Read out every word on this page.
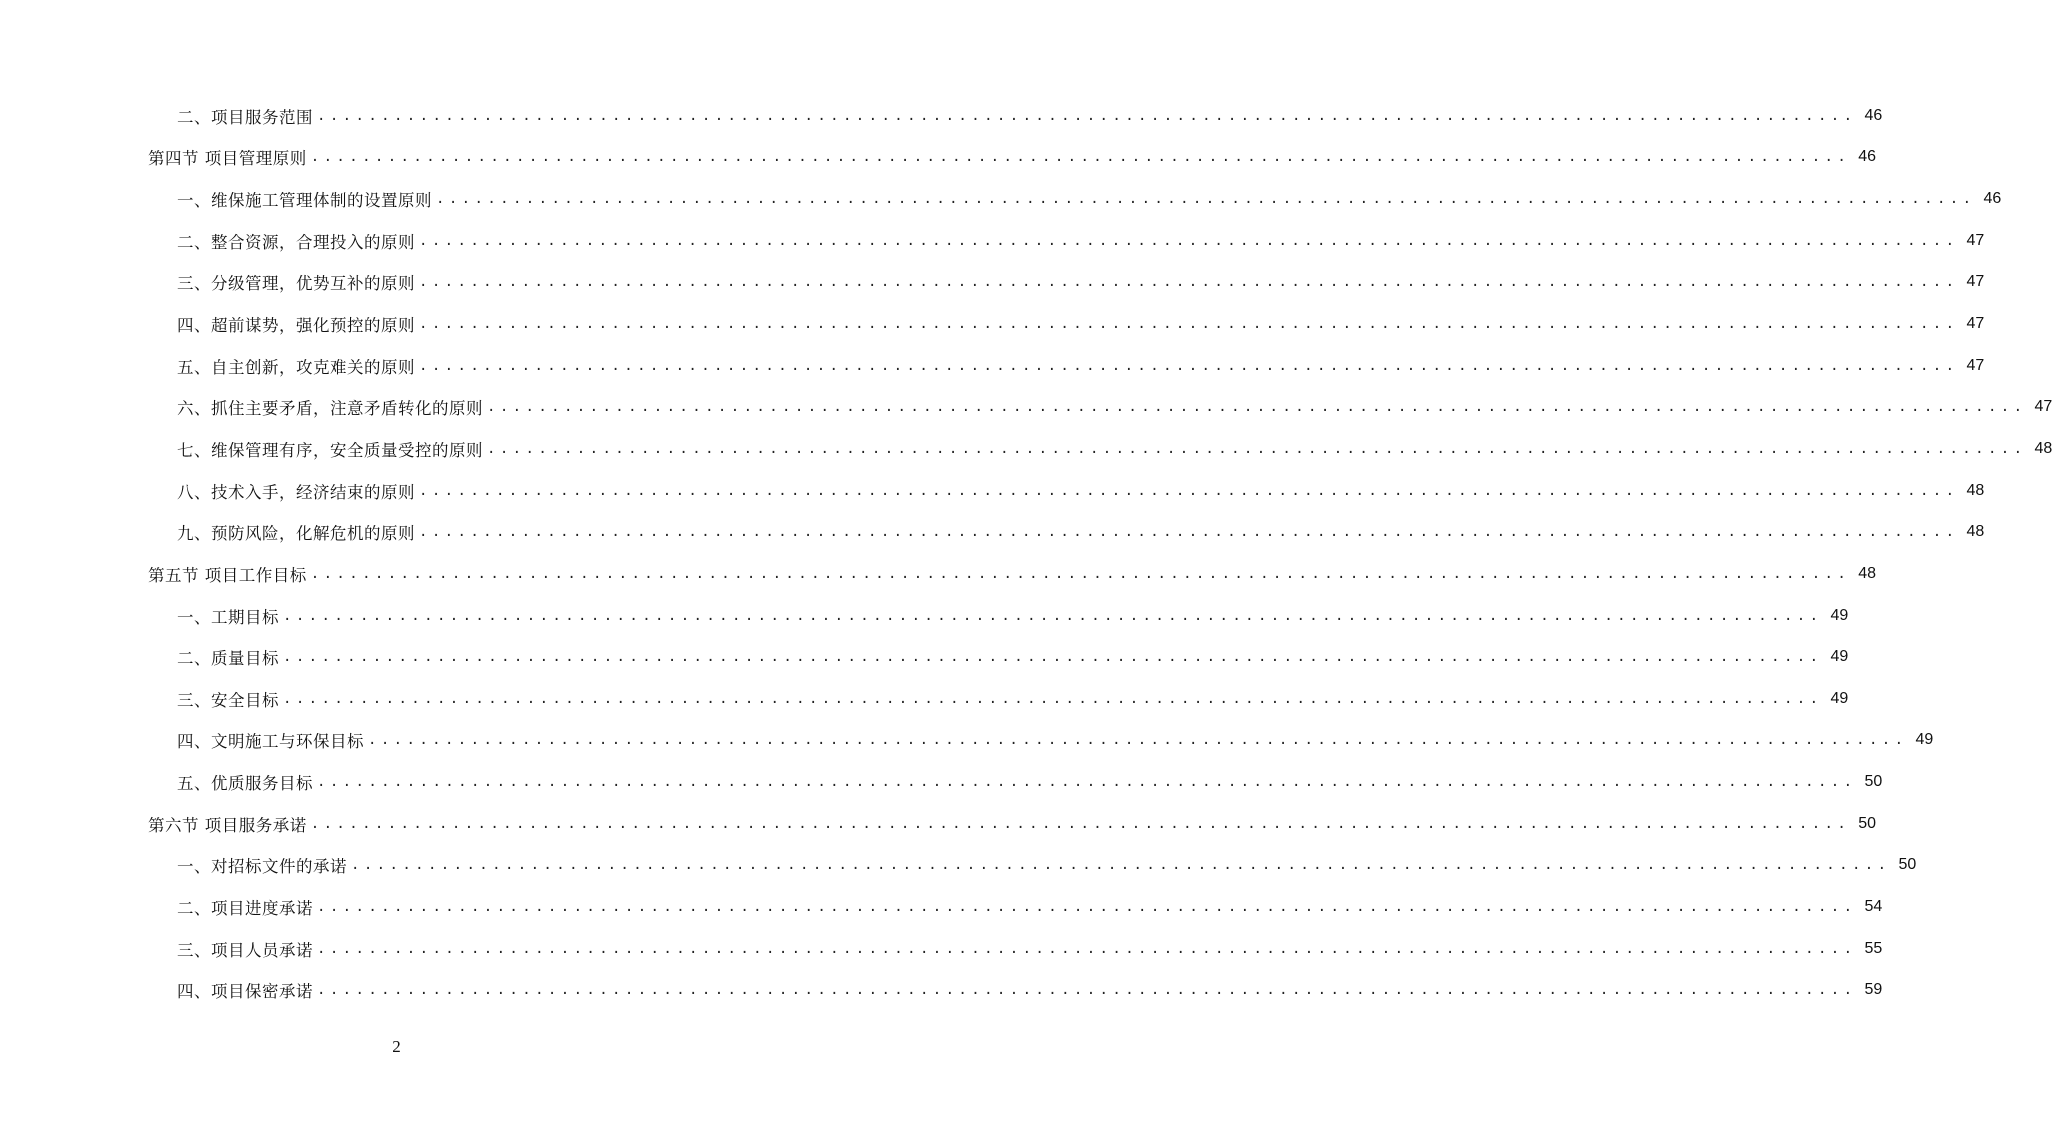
二、项目服务范围 ........................................................................................................................ 46
第四节 项目管理原则 ........................................................................................................................ 46
一、维保施工管理体制的设置原则 ........................................................................................................................ 46
二、整合资源，合理投入的原则 ........................................................................................................................ 47
三、分级管理，优势互补的原则 ........................................................................................................................ 47
四、超前谋势，强化预控的原则 ........................................................................................................................ 47
五、自主创新，攻克难关的原则 ........................................................................................................................ 47
六、抓住主要矛盾，注意矛盾转化的原则 ........................................................................................................................ 47
七、维保管理有序，安全质量受控的原则 ........................................................................................................................ 48
八、技术入手，经济结束的原则 ........................................................................................................................ 48
九、预防风险，化解危机的原则 ........................................................................................................................ 48
第五节 项目工作目标 ........................................................................................................................ 48
一、工期目标 ........................................................................................................................ 49
二、质量目标 ........................................................................................................................ 49
三、安全目标 ........................................................................................................................ 49
四、文明施工与环保目标 ........................................................................................................................ 49
五、优质服务目标 ........................................................................................................................ 50
第六节 项目服务承诺 ........................................................................................................................ 50
一、对招标文件的承诺 ........................................................................................................................ 50
二、项目进度承诺 ........................................................................................................................ 54
三、项目人员承诺 ........................................................................................................................ 55
四、项目保密承诺 ........................................................................................................................ 59
2
